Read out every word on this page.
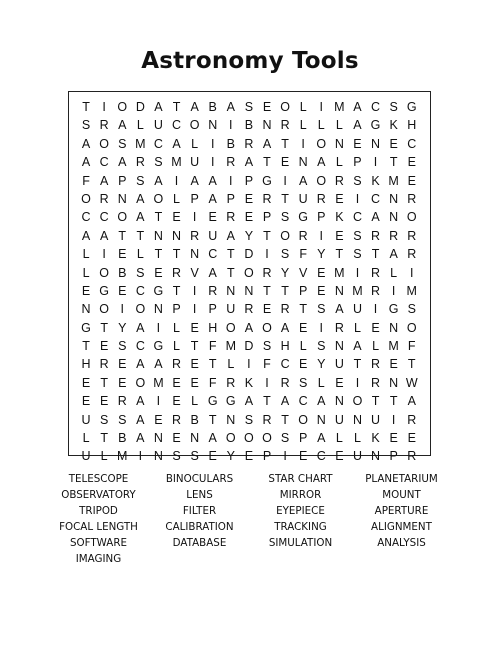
Astronomy Tools
T	I O D A T A B A S E O L	I M A C S G
S R A L U C O N I B N R L L L A G K H
A O S M C A L	I B R A T	I O N E N E C
A C A R S M U I R A T E N A L P I	T E
F A P S A I A A I P G I A O R S K M E
O R N A O L P A P E R T U R E I C N R
C C O A T E I E R E P S G P K C A N O
A A T T N N R U A Y T O R I E S R R R
L	I E L T T N C T D I S F Y T S T A R
L O B S E R V A T O R Y V E M I R L	I
E G E C G T	I R N N T T P E N M R I M
N O I O N P I P U R E R T S A U I G S
G T Y A I	L E H O A O A E I R L E N O
T E S C G L T F M D S H L S N A L M F
H R E A A R E T L	I	F C E Y U T R E T
E T E O M E E F R K I R S L E I R N W
E E R A I E L G G A T A C A N O T T A
U S S A E R B T N S R T O N U N U I R
L T B A N E N A O O O S P A L L K E E
U L M I N S S E Y E P I E C E U N P R
TELESCOPE	BINOCULARS	STAR CHART	PLANETARIUM
OBSERVATORY	LENS	MIRROR	MOUNT
TRIPOD	FILTER	EYEPIECE	APERTURE
FOCAL LENGTH	CALIBRATION	TRACKING	ALIGNMENT
SOFTWARE	DATABASE	SIMULATION	ANALYSIS
IMAGING
